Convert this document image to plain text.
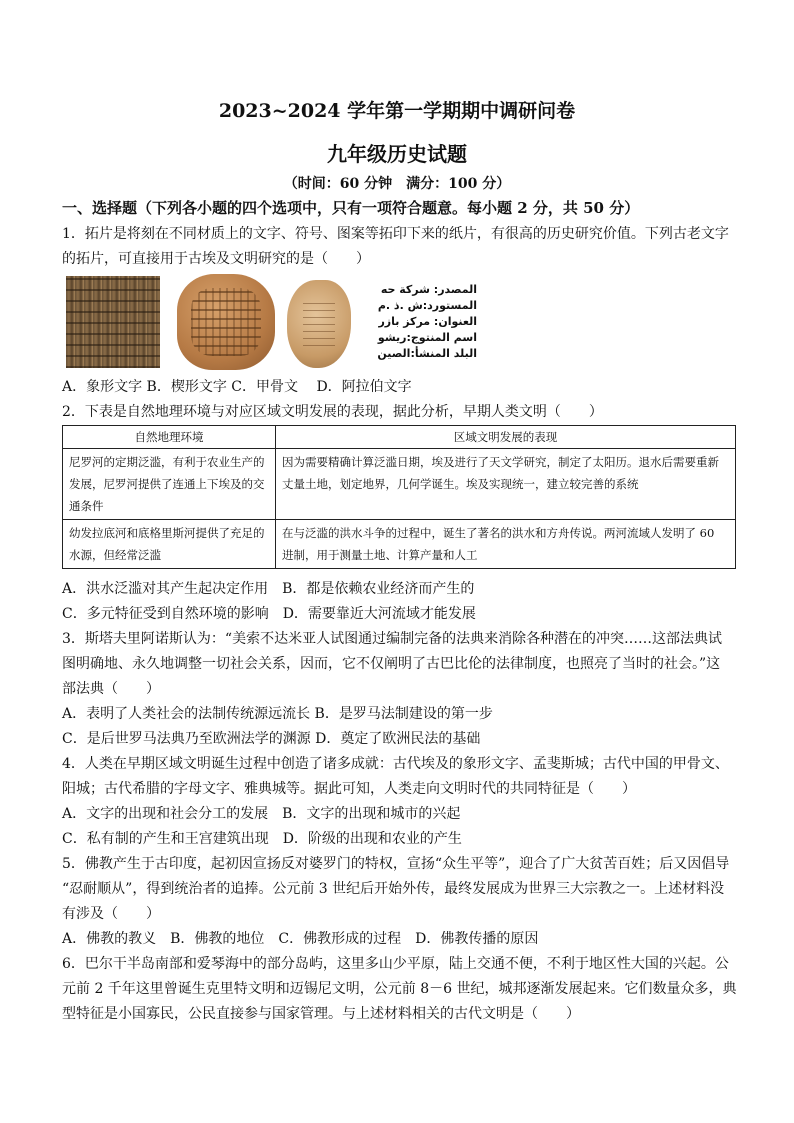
2023~2024 学年第一学期期中调研问卷
九年级历史试题
（时间：60 分钟　满分：100 分）
一、选择题（下列各小题的四个选项中，只有一项符合题意。每小题 2 分，共 50 分）
1．拓片是将刻在不同材质上的文字、符号、图案等拓印下来的纸片，有很高的历史研究价值。下列古老文字
的拓片，可直接用于古埃及文明研究的是（　　）
المصدر: شركة حه
المستورد:ش .ذ .م
العنوان: مركز بازر
اسم المنتوج:ريشو
البلد المنشأ:الصين
A．象形文字 B．楔形文字 C．甲骨文　 D．阿拉伯文字
2．下表是自然地理环境与对应区域文明发展的表现，据此分析，早期人类文明（　　）
自然地理环境	区域文明发展的表现
尼罗河的定期泛滥，有利于农业生产的发展，尼罗河提供了连通上下埃及的交通条件	因为需要精确计算泛滥日期，埃及进行了天文学研究，制定了太阳历。退水后需要重新丈量土地，划定地界，几何学诞生。埃及实现统一，建立较完善的系统
幼发拉底河和底格里斯河提供了充足的水源，但经常泛滥	在与泛滥的洪水斗争的过程中，诞生了著名的洪水和方舟传说。两河流域人发明了 60 进制，用于测量土地、计算产量和人工
A．洪水泛滥对其产生起决定作用　B．都是依赖农业经济而产生的
C．多元特征受到自然环境的影响　D．需要靠近大河流域才能发展
3．斯塔夫里阿诺斯认为：“美索不达米亚人试图通过编制完备的法典来消除各种潜在的冲突……这部法典试
图明确地、永久地调整一切社会关系，因而，它不仅阐明了古巴比伦的法律制度，也照亮了当时的社会。”这
部法典（　　）
A．表明了人类社会的法制传统源远流长 B．是罗马法制建设的第一步
C．是后世罗马法典乃至欧洲法学的渊源 D．奠定了欧洲民法的基础
4．人类在早期区域文明诞生过程中创造了诸多成就：古代埃及的象形文字、孟斐斯城；古代中国的甲骨文、
阳城；古代希腊的字母文字、雅典城等。据此可知，人类走向文明时代的共同特征是（　　）
A．文字的出现和社会分工的发展　B．文字的出现和城市的兴起
C．私有制的产生和王宫建筑出现　D．阶级的出现和农业的产生
5．佛教产生于古印度，起初因宣扬反对婆罗门的特权，宣扬“众生平等”，迎合了广大贫苦百姓；后又因倡导
“忍耐顺从”，得到统治者的追捧。公元前 3 世纪后开始外传，最终发展成为世界三大宗教之一。上述材料没
有涉及（　　）
A．佛教的教义　B．佛教的地位　C．佛教形成的过程　D．佛教传播的原因
6．巴尔干半岛南部和爱琴海中的部分岛屿，这里多山少平原，陆上交通不便，不利于地区性大国的兴起。公
元前 2 千年这里曾诞生克里特文明和迈锡尼文明，公元前 8－6 世纪，城邦逐渐发展起来。它们数量众多，典
型特征是小国寡民，公民直接参与国家管理。与上述材料相关的古代文明是（　　）
